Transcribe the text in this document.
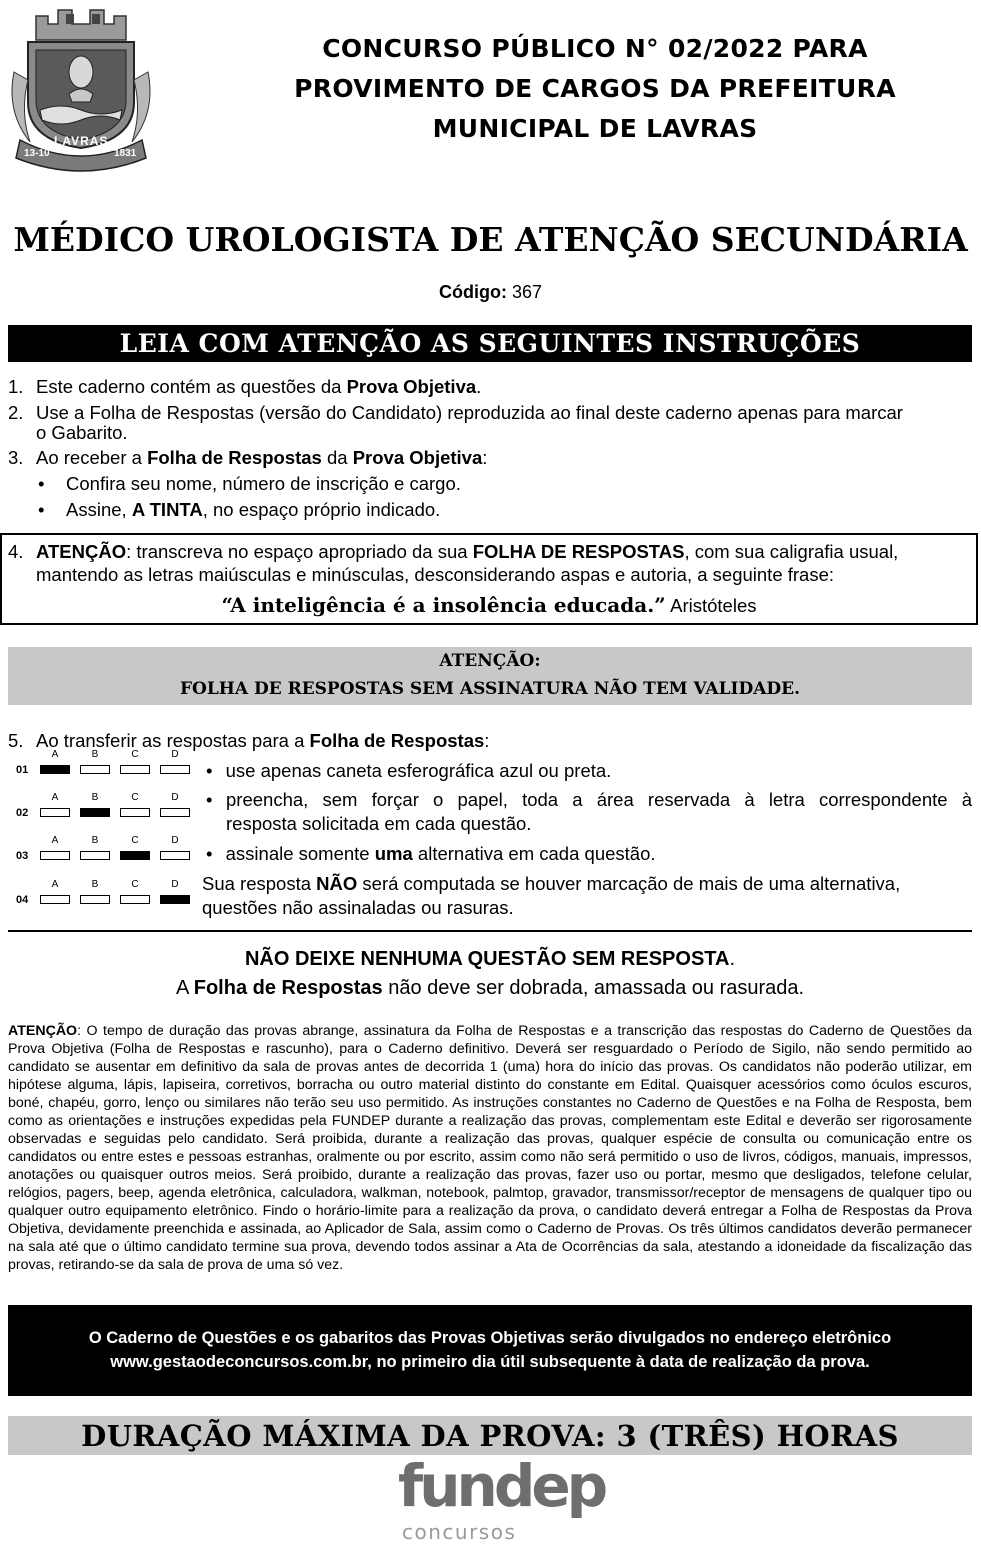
LAVRAS
13-10	1831
CONCURSO PÚBLICO N° 02/2022 PARA
PROVIMENTO DE CARGOS DA PREFEITURA
MUNICIPAL DE LAVRAS
MÉDICO UROLOGISTA DE ATENÇÃO SECUNDÁRIA
Código: 367
LEIA COM ATENÇÃO AS SEGUINTES INSTRUÇÕES
1. Este caderno contém as questões da Prova Objetiva.
2. Use a Folha de Respostas (versão do Candidato) reproduzida ao final deste caderno apenas para marcar
o Gabarito.
3. Ao receber a Folha de Respostas da Prova Objetiva:
• Confira seu nome, número de inscrição e cargo.
• Assine, A TINTA, no espaço próprio indicado.
4. ATENÇÃO: transcreva no espaço apropriado da sua FOLHA DE RESPOSTAS, com sua caligrafia usual,
mantendo as letras maiúsculas e minúsculas, desconsiderando aspas e autoria, a seguinte frase:
“A inteligência é a insolência educada.” Aristóteles
ATENÇÃO:
FOLHA DE RESPOSTAS SEM ASSINATURA NÃO TEM VALIDADE.
5. Ao transferir as respostas para a Folha de Respostas:
01
A	B	C	D
02
A	B	C	D
03
A	B	C	D
04
A	B	C	D
• use apenas caneta esferográfica azul ou preta.
• preencha, sem forçar o papel, toda a área reservada à letra correspondente à
resposta solicitada em cada questão.
• assinale somente uma alternativa em cada questão.
Sua resposta NÃO será computada se houver marcação de mais de uma alternativa,
questões não assinaladas ou rasuras.
NÃO DEIXE NENHUMA QUESTÃO SEM RESPOSTA.
A Folha de Respostas não deve ser dobrada, amassada ou rasurada.
ATENÇÃO: O tempo de duração das provas abrange, assinatura da Folha de Respostas e a transcrição das respostas do Caderno de Questões da Prova Objetiva (Folha de Respostas e rascunho), para o Caderno definitivo. Deverá ser resguardado o Período de Sigilo, não sendo permitido ao candidato se ausentar em definitivo da sala de provas antes de decorrida 1 (uma) hora do início das provas. Os candidatos não poderão utilizar, em hipótese alguma, lápis, lapiseira, corretivos, borracha ou outro material distinto do constante em Edital. Quaisquer acessórios como óculos escuros, boné, chapéu, gorro, lenço ou similares não terão seu uso permitido. As instruções constantes no Caderno de Questões e na Folha de Resposta, bem como as orientações e instruções expedidas pela FUNDEP durante a realização das provas, complementam este Edital e deverão ser rigorosamente observadas e seguidas pelo candidato. Será proibida, durante a realização das provas, qualquer espécie de consulta ou comunicação entre os candidatos ou entre estes e pessoas estranhas, oralmente ou por escrito, assim como não será permitido o uso de livros, códigos, manuais, impressos, anotações ou quaisquer outros meios. Será proibido, durante a realização das provas, fazer uso ou portar, mesmo que desligados, telefone celular, relógios, pagers, beep, agenda eletrônica, calculadora, walkman, notebook, palmtop, gravador, transmissor/receptor de mensagens de qualquer tipo ou qualquer outro equipamento eletrônico. Findo o horário-limite para a realização da prova, o candidato deverá entregar a Folha de Respostas da Prova Objetiva, devidamente preenchida e assinada, ao Aplicador de Sala, assim como o Caderno de Provas. Os três últimos candidatos deverão permanecer na sala até que o último candidato termine sua prova, devendo todos assinar a Ata de Ocorrências da sala, atestando a idoneidade da fiscalização das provas, retirando-se da sala de prova de uma só vez.
O Caderno de Questões e os gabaritos das Provas Objetivas serão divulgados no endereço eletrônico
www.gestaodeconcursos.com.br, no primeiro dia útil subsequente à data de realização da prova.
DURAÇÃO MÁXIMA DA PROVA: 3 (TRÊS) HORAS
fundep
concursos
